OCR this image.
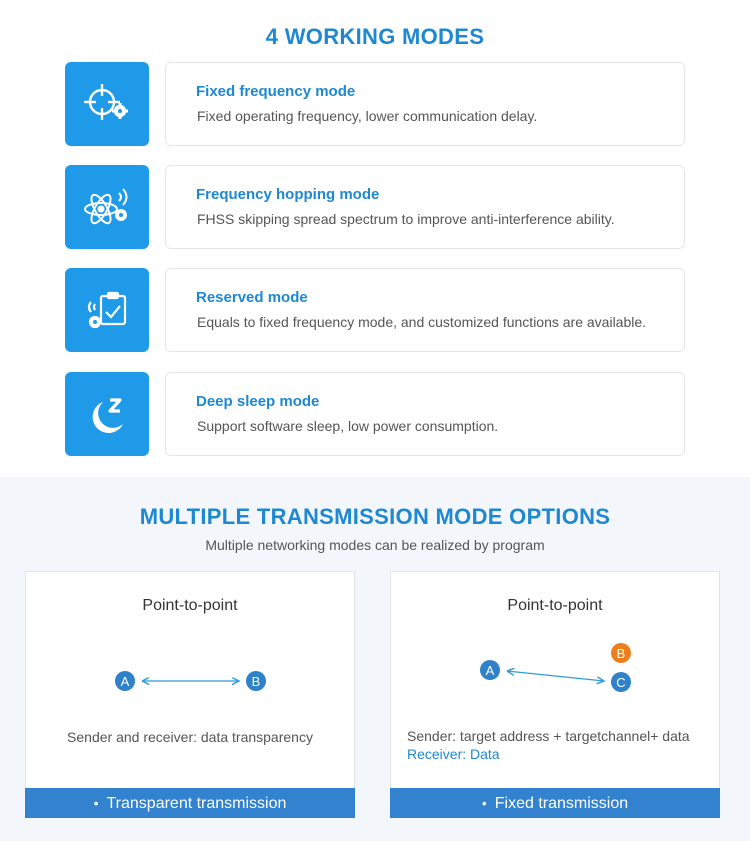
4 WORKING MODES
Fixed frequency mode
Fixed operating frequency, lower communication delay.
Frequency hopping mode
FHSS skipping spread spectrum to improve anti-interference ability.
Reserved mode
Equals to fixed frequency mode, and customized functions are available.
Deep sleep mode
Support software sleep, low power consumption.
MULTIPLE TRANSMISSION MODE OPTIONS
Multiple networking modes can be realized by program
Point-to-point
A	B
Sender and receiver: data transparency
• Transparent transmission
Point-to-point
A
B
C
Sender: target address + targetchannel+ data
Receiver: Data
• Fixed transmission
